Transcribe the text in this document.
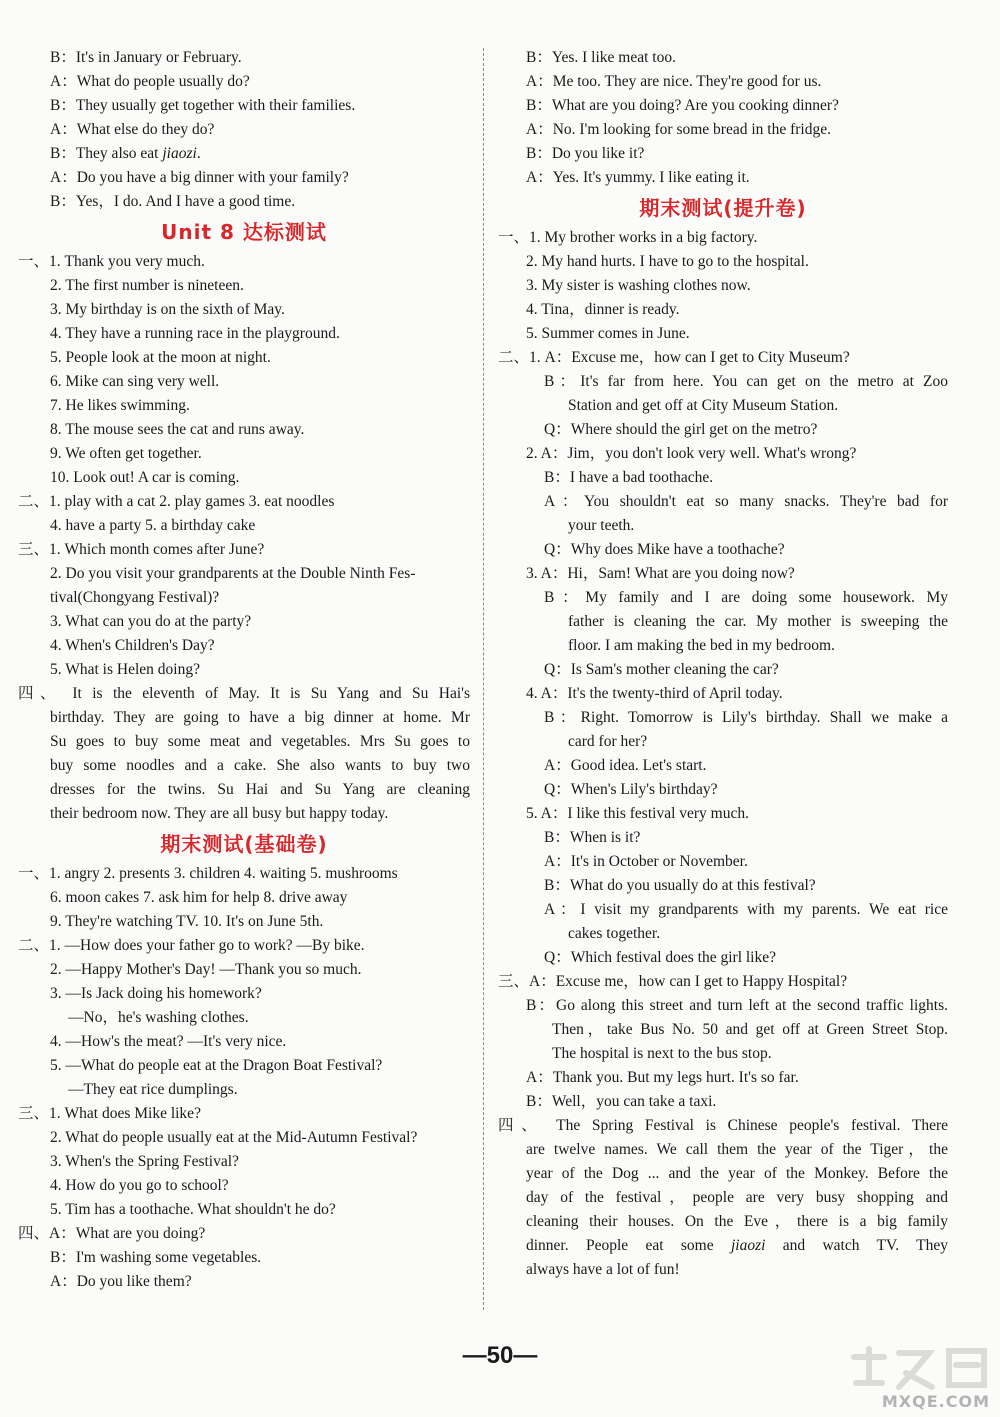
B：It's in January or February.
A：What do people usually do?
B：They usually get together with their families.
A：What else do they do?
B：They also eat jiaozi.
A：Do you have a big dinner with your family?
B：Yes，I do. And I have a good time.
Unit 8 达标测试
一、1. Thank you very much.
2. The first number is nineteen.
3. My birthday is on the sixth of May.
4. They have a running race in the playground.
5. People look at the moon at night.
6. Mike can sing very well.
7. He likes swimming.
8. The mouse sees the cat and runs away.
9. We often get together.
10. Look out! A car is coming.
二、1. play with a cat 2. play games 3. eat noodles
4. have a party 5. a birthday cake
三、1. Which month comes after June?
2. Do you visit your grandparents at the Double Ninth Fes-
tival(Chongyang Festival)?
3. What can you do at the party?
4. When's Children's Day?
5. What is Helen doing?
四、 It is the eleventh of May. It is Su Yang and Su Hai's
birthday. They are going to have a big dinner at home. Mr
Su goes to buy some meat and vegetables. Mrs Su goes to
buy some noodles and a cake. She also wants to buy two
dresses for the twins. Su Hai and Su Yang are cleaning
their bedroom now. They are all busy but happy today.
期末测试(基础卷)
一、1. angry 2. presents 3. children 4. waiting 5. mushrooms
6. moon cakes 7. ask him for help 8. drive away
9. They're watching TV. 10. It's on June 5th.
二、1. —How does your father go to work? —By bike.
2. —Happy Mother's Day! —Thank you so much.
3. —Is Jack doing his homework?
—No，he's washing clothes.
4. —How's the meat? —It's very nice.
5. —What do people eat at the Dragon Boat Festival?
—They eat rice dumplings.
三、1. What does Mike like?
2. What do people usually eat at the Mid-Autumn Festival?
3. When's the Spring Festival?
4. How do you go to school?
5. Tim has a toothache. What shouldn't he do?
四、A：What are you doing?
B：I'm washing some vegetables.
A：Do you like them?
B：Yes. I like meat too.
A：Me too. They are nice. They're good for us.
B：What are you doing? Are you cooking dinner?
A：No. I'm looking for some bread in the fridge.
B：Do you like it?
A：Yes. It's yummy. I like eating it.
期末测试(提升卷)
一、1. My brother works in a big factory.
2. My hand hurts. I have to go to the hospital.
3. My sister is washing clothes now.
4. Tina，dinner is ready.
5. Summer comes in June.
二、1. A：Excuse me，how can I get to City Museum?
B：It's far from here. You can get on the metro at Zoo
Station and get off at City Museum Station.
Q：Where should the girl get on the metro?
2. A：Jim，you don't look very well. What's wrong?
B：I have a bad toothache.
A：You shouldn't eat so many snacks. They're bad for
your teeth.
Q：Why does Mike have a toothache?
3. A：Hi，Sam! What are you doing now?
B：My family and I are doing some housework. My
father is cleaning the car. My mother is sweeping the
floor. I am making the bed in my bedroom.
Q：Is Sam's mother cleaning the car?
4. A：It's the twenty-third of April today.
B：Right. Tomorrow is Lily's birthday. Shall we make a
card for her?
A：Good idea. Let's start.
Q：When's Lily's birthday?
5. A：I like this festival very much.
B：When is it?
A：It's in October or November.
B：What do you usually do at this festival?
A：I visit my grandparents with my parents. We eat rice
cakes together.
Q：Which festival does the girl like?
三、A：Excuse me，how can I get to Happy Hospital?
B：Go along this street and turn left at the second traffic lights.
Then，take Bus No. 50 and get off at Green Street Stop.
The hospital is next to the bus stop.
A：Thank you. But my legs hurt. It's so far.
B：Well，you can take a taxi.
四、 The Spring Festival is Chinese people's festival. There
are twelve names. We call them the year of the Tiger，the
year of the Dog ... and the year of the Monkey. Before the
day of the festival，people are very busy shopping and
cleaning their houses. On the Eve，there is a big family
dinner. People eat some jiaozi and watch TV. They
always have a lot of fun!
—50—
MXQE.COM
